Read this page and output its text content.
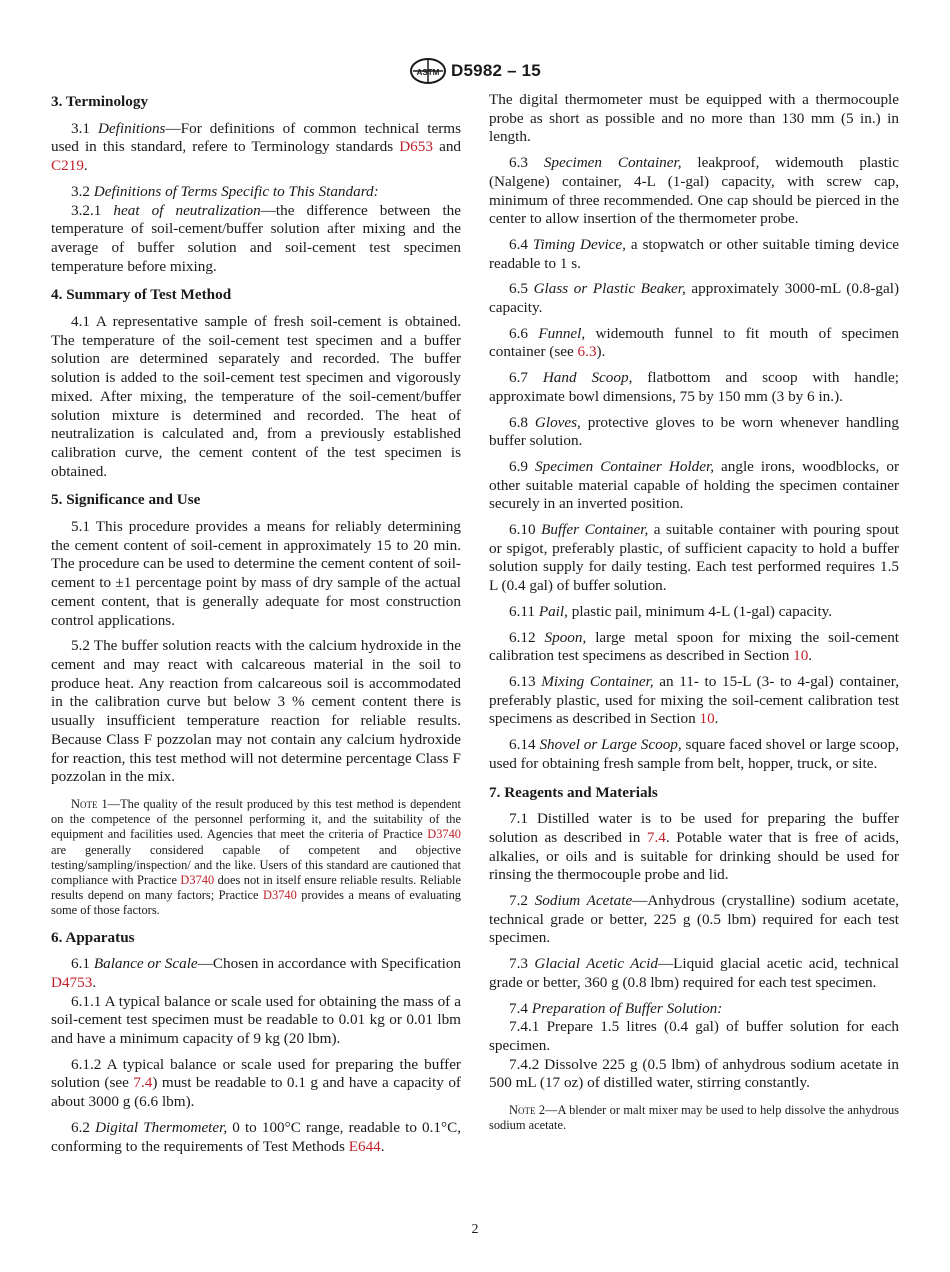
ASTM D5982 – 15

3. Terminology

3.1 Definitions—For definitions of common technical terms used in this standard, refere to Terminology standards D653 and C219.

3.2 Definitions of Terms Specific to This Standard:

3.2.1 heat of neutralization—the difference between the temperature of soil-cement/buffer solution after mixing and the average of buffer solution and soil-cement test specimen temperature before mixing.

4. Summary of Test Method

4.1 A representative sample of fresh soil-cement is obtained. The temperature of the soil-cement test specimen and a buffer solution are determined separately and recorded. The buffer solution is added to the soil-cement test specimen and vigorously mixed. After mixing, the temperature of the soil-cement/buffer solution mixture is determined and recorded. The heat of neutralization is calculated and, from a previously established calibration curve, the cement content of the test specimen is obtained.

5. Significance and Use

5.1 This procedure provides a means for reliably determining the cement content of soil-cement in approximately 15 to 20 min. The procedure can be used to determine the cement content of soil-cement to ±1 percentage point by mass of dry sample of the actual cement content, that is generally adequate for most construction control applications.

5.2 The buffer solution reacts with the calcium hydroxide in the cement and may react with calcareous material in the soil to produce heat. Any reaction from calcareous soil is accommodated in the calibration curve but below 3 % cement content there is usually insufficient temperature reaction for reliable results. Because Class F pozzolan may not contain any calcium hydroxide for reaction, this test method will not determine percentage Class F pozzolan in the mix.

Note 1—The quality of the result produced by this test method is dependent on the competence of the personnel performing it, and the suitability of the equipment and facilities used. Agencies that meet the criteria of Practice D3740 are generally considered capable of competent and objective testing/sampling/inspection/ and the like. Users of this standard are cautioned that compliance with Practice D3740 does not in itself ensure reliable results. Reliable results depend on many factors; Practice D3740 provides a means of evaluating some of those factors.

6. Apparatus

6.1 Balance or Scale—Chosen in accordance with Specification D4753.

6.1.1 A typical balance or scale used for obtaining the mass of a soil-cement test specimen must be readable to 0.01 kg or 0.01 lbm and have a minimum capacity of 9 kg (20 lbm).

6.1.2 A typical balance or scale used for preparing the buffer solution (see 7.4) must be readable to 0.1 g and have a capacity of about 3000 g (6.6 lbm).

6.2 Digital Thermometer, 0 to 100°C range, readable to 0.1°C, conforming to the requirements of Test Methods E644.

The digital thermometer must be equipped with a thermocouple probe as short as possible and no more than 130 mm (5 in.) in length.

6.3 Specimen Container, leakproof, widemouth plastic (Nalgene) container, 4-L (1-gal) capacity, with screw cap, minimum of three recommended. One cap should be pierced in the center to allow insertion of the thermometer probe.

6.4 Timing Device, a stopwatch or other suitable timing device readable to 1 s.

6.5 Glass or Plastic Beaker, approximately 3000-mL (0.8-gal) capacity.

6.6 Funnel, widemouth funnel to fit mouth of specimen container (see 6.3).

6.7 Hand Scoop, flatbottom and scoop with handle; approximate bowl dimensions, 75 by 150 mm (3 by 6 in.).

6.8 Gloves, protective gloves to be worn whenever handling buffer solution.

6.9 Specimen Container Holder, angle irons, woodblocks, or other suitable material capable of holding the specimen container securely in an inverted position.

6.10 Buffer Container, a suitable container with pouring spout or spigot, preferably plastic, of sufficient capacity to hold a buffer solution supply for daily testing. Each test performed requires 1.5 L (0.4 gal) of buffer solution.

6.11 Pail, plastic pail, minimum 4-L (1-gal) capacity.

6.12 Spoon, large metal spoon for mixing the soil-cement calibration test specimens as described in Section 10.

6.13 Mixing Container, an 11- to 15-L (3- to 4-gal) container, preferably plastic, used for mixing the soil-cement calibration test specimens as described in Section 10.

6.14 Shovel or Large Scoop, square faced shovel or large scoop, used for obtaining fresh sample from belt, hopper, truck, or site.

7. Reagents and Materials

7.1 Distilled water is to be used for preparing the buffer solution as described in 7.4. Potable water that is free of acids, alkalies, or oils and is suitable for drinking should be used for rinsing the thermocouple probe and lid.

7.2 Sodium Acetate—Anhydrous (crystalline) sodium acetate, technical grade or better, 225 g (0.5 lbm) required for each test specimen.

7.3 Glacial Acetic Acid—Liquid glacial acetic acid, technical grade or better, 360 g (0.8 lbm) required for each test specimen.

7.4 Preparation of Buffer Solution:

7.4.1 Prepare 1.5 litres (0.4 gal) of buffer solution for each specimen.

7.4.2 Dissolve 225 g (0.5 lbm) of anhydrous sodium acetate in 500 mL (17 oz) of distilled water, stirring constantly.

Note 2—A blender or malt mixer may be used to help dissolve the anhydrous sodium acetate.

2
